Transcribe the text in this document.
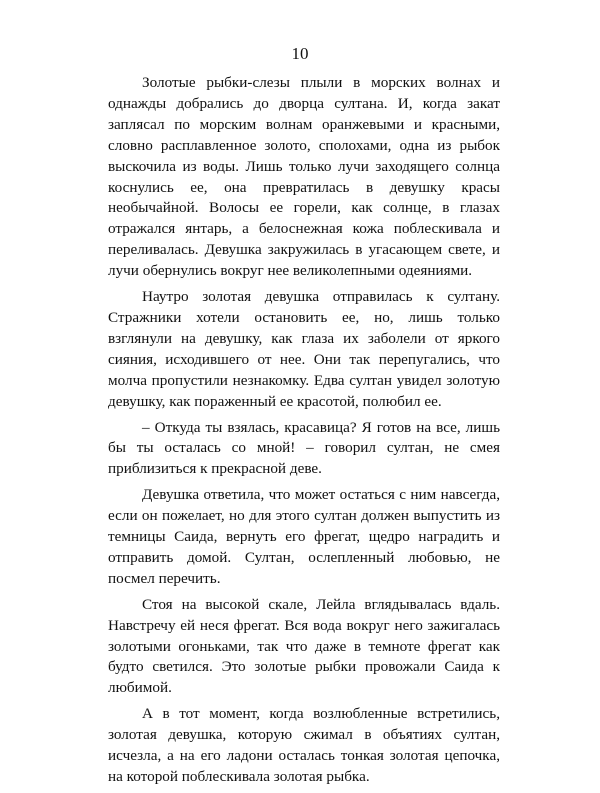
10

Золотые рыбки-слезы плыли в морских волнах и однажды добрались до дворца султана. И, когда закат заплясал по морским волнам оранжевыми и красными, словно расплавленное золото, сполохами, одна из рыбок выскочила из воды. Лишь только лучи заходящего солнца коснулись ее, она превратилась в девушку красы необычайной. Волосы ее горели, как солнце, в глазах отражался янтарь, а белоснежная кожа поблескивала и переливалась. Девушка закружилась в угасающем свете, и лучи обернулись вокруг нее великолепными одеяниями.

Наутро золотая девушка отправилась к султану. Стражники хотели остановить ее, но, лишь только взглянули на девушку, как глаза их заболели от яркого сияния, исходившего от нее. Они так перепугались, что молча пропустили незнакомку. Едва султан увидел золотую девушку, как пораженный ее красотой, полюбил ее.

– Откуда ты взялась, красавица? Я готов на все, лишь бы ты осталась со мной! – говорил султан, не смея приблизиться к прекрасной деве.

Девушка ответила, что может остаться с ним навсегда, если он пожелает, но для этого султан должен выпустить из темницы Саида, вернуть его фрегат, щедро наградить и отправить домой. Султан, ослепленный любовью, не посмел перечить.

Стоя на высокой скале, Лейла вглядывалась вдаль. Навстречу ей неся фрегат. Вся вода вокруг него зажигалась золотыми огоньками, так что даже в темноте фрегат как будто светился. Это золотые рыбки провожали Саида к любимой.

А в тот момент, когда возлюбленные встретились, золотая девушка, которую сжимал в объятиях султан, исчезла, а на его ладони осталась тонкая золотая цепочка, на которой поблескивала золотая рыбка.
